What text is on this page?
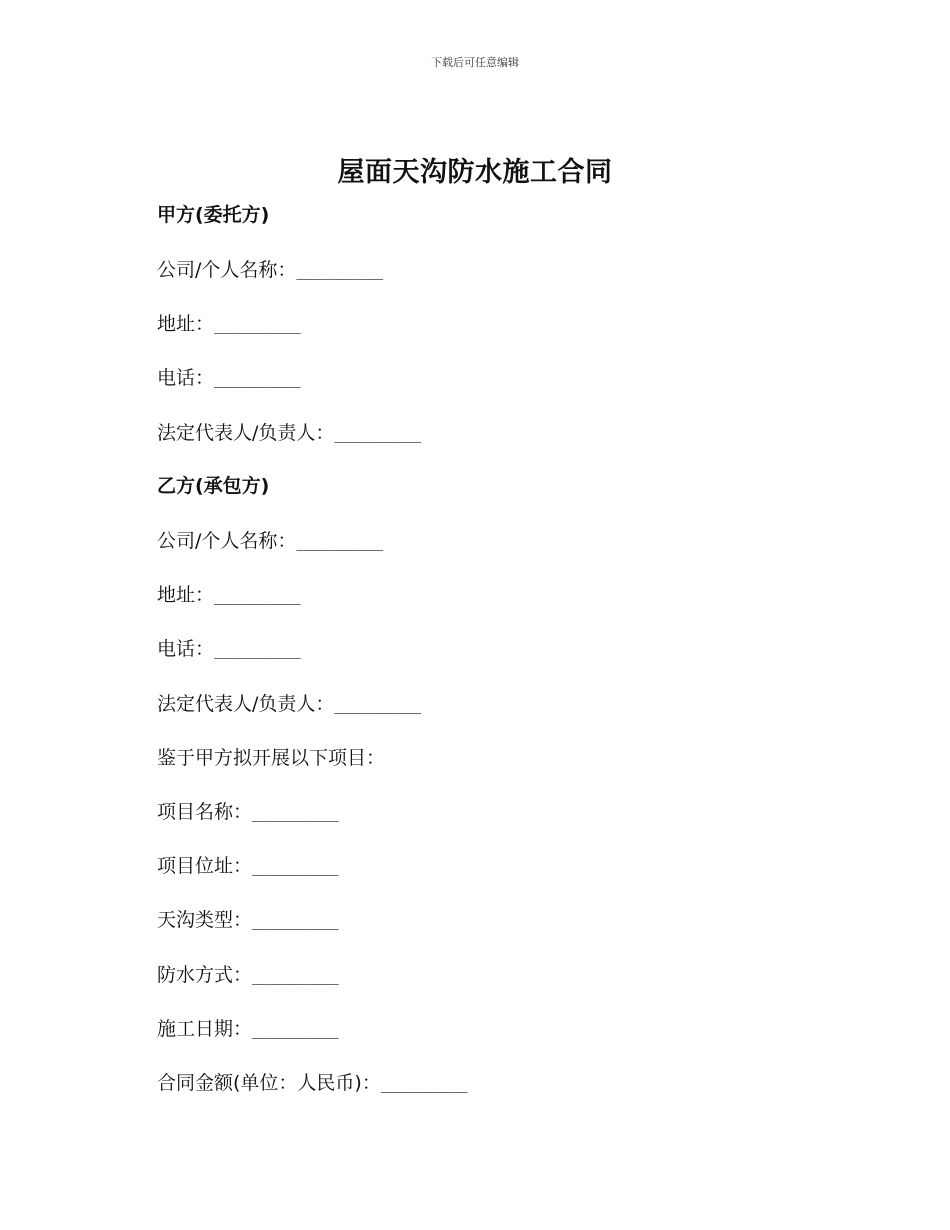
下载后可任意编辑
屋面天沟防水施工合同
甲方(委托方)
公司/个人名称：_________
地址：_________
电话：_________
法定代表人/负责人：_________
乙方(承包方)
公司/个人名称：_________
地址：_________
电话：_________
法定代表人/负责人：_________
鉴于甲方拟开展以下项目：
项目名称：_________
项目位址：_________
天沟类型：_________
防水方式：_________
施工日期：_________
合同金额(单位：人民币)：_________
